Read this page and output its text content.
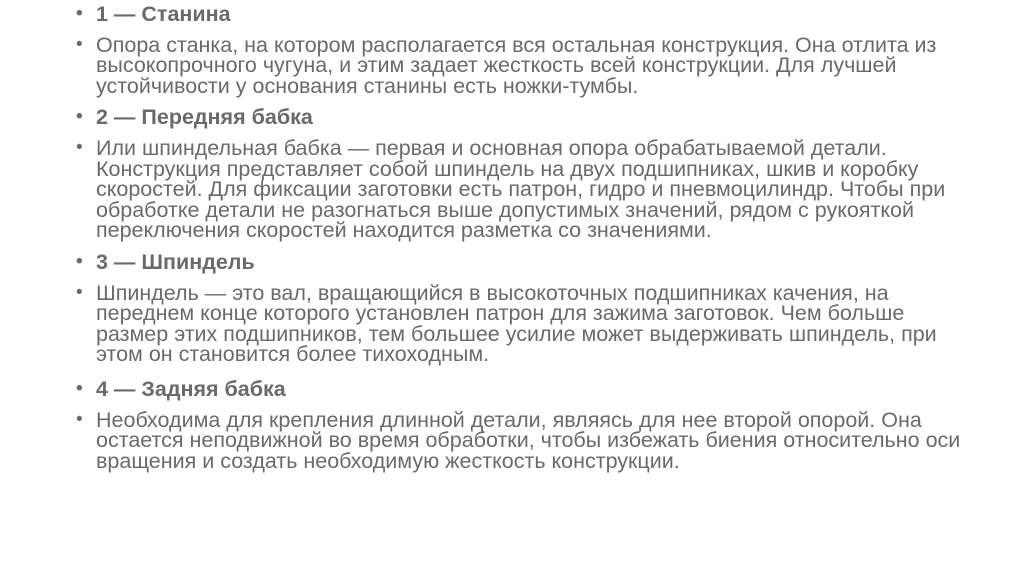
• 1 — Станина
• Опора станка, на котором располагается вся остальная конструкция. Она отлита из высокопрочного чугуна, и этим задает жесткость всей конструкции. Для лучшей устойчивости у основания станины есть ножки-тумбы.
• 2 — Передняя бабка
• Или шпиндельная бабка — первая и основная опора обрабатываемой детали. Конструкция представляет собой шпиндель на двух подшипниках, шкив и коробку скоростей. Для фиксации заготовки есть патрон, гидро и пневмоцилиндр. Чтобы при обработке детали не разогнаться выше допустимых значений, рядом с рукояткой переключения скоростей находится разметка со значениями.
• 3 — Шпиндель
• Шпиндель — это вал, вращающийся в высокоточных подшипниках качения, на переднем конце которого установлен патрон для зажима заготовок. Чем больше размер этих подшипников, тем большее усилие может выдерживать шпиндель, при этом он становится более тихоходным.
• 4 — Задняя бабка
• Необходима для крепления длинной детали, являясь для нее второй опорой. Она остается неподвижной во время обработки, чтобы избежать биения относительно оси вращения и создать необходимую жесткость конструкции.
